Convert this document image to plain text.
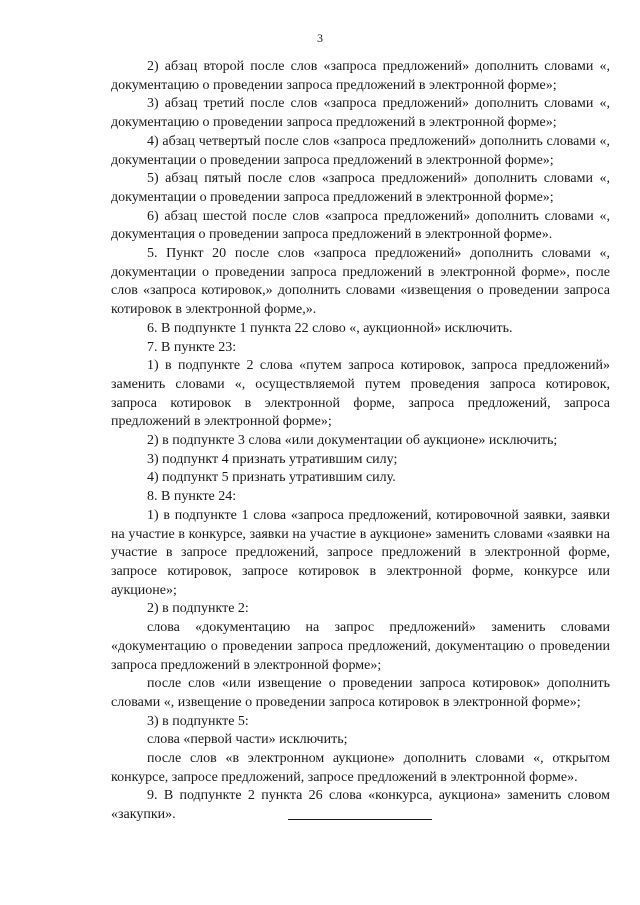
3

2) абзац второй после слов «запроса предложений» дополнить словами «, документацию о проведении запроса предложений в электронной форме»;

3) абзац третий после слов «запроса предложений» дополнить словами «, документацию о проведении запроса предложений в электронной форме»;

4) абзац четвертый после слов «запроса предложений» дополнить словами «, документации о проведении запроса предложений в электронной форме»;

5) абзац пятый после слов «запроса предложений» дополнить словами «, документации о проведении запроса предложений в электронной форме»;

6) абзац шестой после слов «запроса предложений» дополнить словами «, документация о проведении запроса предложений в электронной форме».

5. Пункт 20 после слов «запроса предложений» дополнить словами «, документации о проведении запроса предложений в электронной форме», после слов «запроса котировок,» дополнить словами «извещения о проведении запроса котировок в электронной форме,».

6. В подпункте 1 пункта 22 слово «, аукционной» исключить.

7. В пункте 23:

1) в подпункте 2 слова «путем запроса котировок, запроса предложений» заменить словами «, осуществляемой путем проведения запроса котировок, запроса котировок в электронной форме, запроса предложений, запроса предложений в электронной форме»;

2) в подпункте 3 слова «или документации об аукционе» исключить;

3) подпункт 4 признать утратившим силу;

4) подпункт 5 признать утратившим силу.

8. В пункте 24:

1) в подпункте 1 слова «запроса предложений, котировочной заявки, заявки на участие в конкурсе, заявки на участие в аукционе» заменить словами «заявки на участие в запросе предложений, запросе предложений в электронной форме, запросе котировок, запросе котировок в электронной форме, конкурсе или аукционе»;

2) в подпункте 2:

слова «документацию на запрос предложений» заменить словами «документацию о проведении запроса предложений, документацию о проведении запроса предложений в электронной форме»;

после слов «или извещение о проведении запроса котировок» дополнить словами «, извещение о проведении запроса котировок в электронной форме»;

3) в подпункте 5:

слова «первой части» исключить;

после слов «в электронном аукционе» дополнить словами «, открытом конкурсе, запросе предложений, запросе предложений в электронной форме».

9. В подпункте 2 пункта 26 слова «конкурса, аукциона» заменить словом «закупки».
